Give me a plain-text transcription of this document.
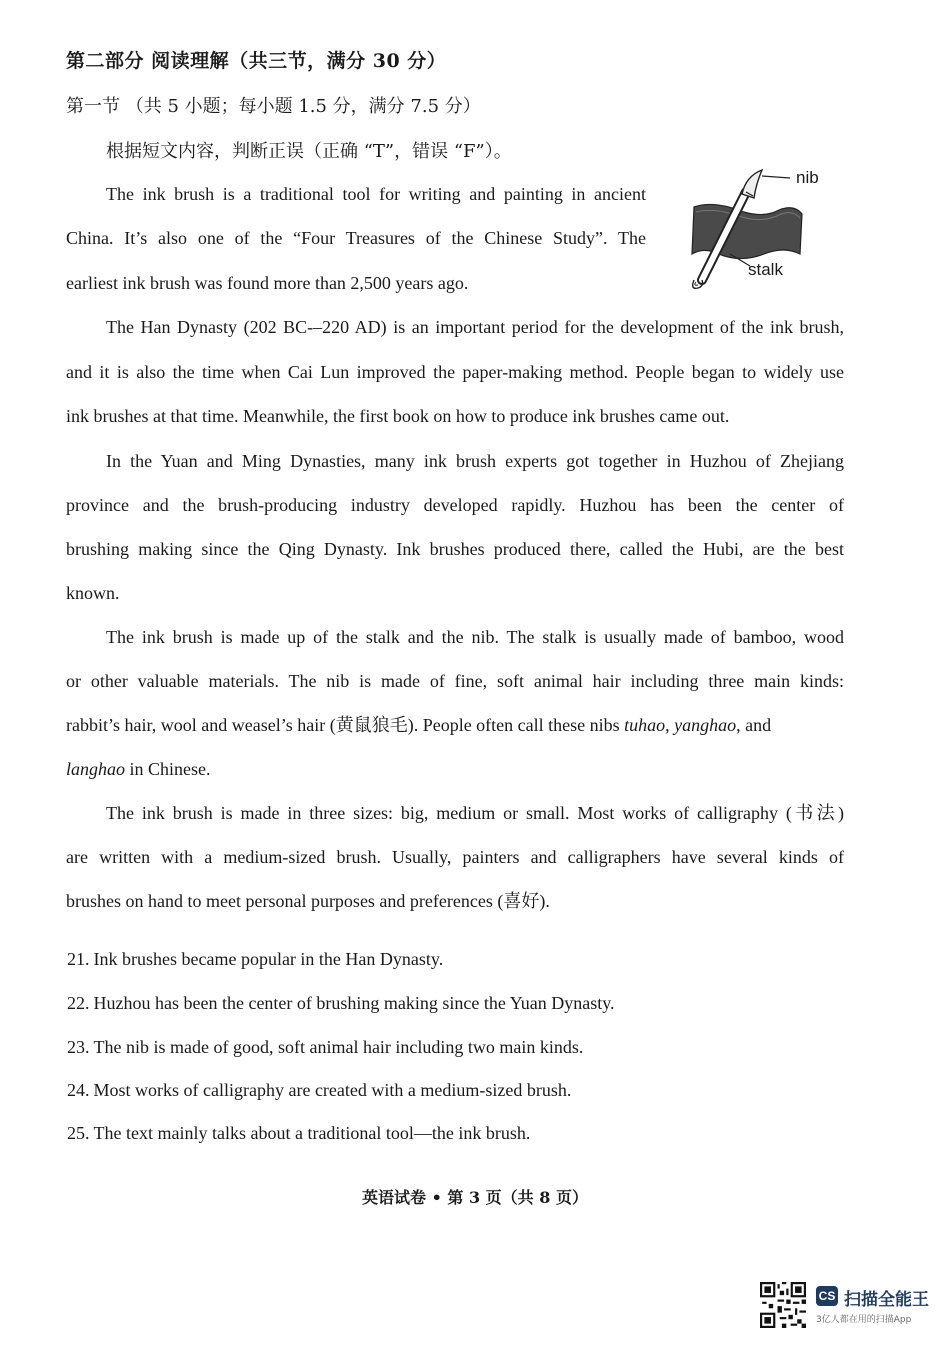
第二部分 阅读理解（共三节，满分 30 分）
第一节 （共 5 小题；每小题 1.5 分，满分 7.5 分）
根据短文内容，判断正误（正确 “T”，错误 “F”）。
nib
stalk
The ink brush is a traditional tool for writing and painting in ancient
China. It’s also one of the “Four Treasures of the Chinese Study”. The
earliest ink brush was found more than 2,500 years ago.
The Han Dynasty (202 BC-–220 AD) is an important period for the development of the ink brush,
and it is also the time when Cai Lun improved the paper-making method. People began to widely use
ink brushes at that time. Meanwhile, the first book on how to produce ink brushes came out.
In the Yuan and Ming Dynasties, many ink brush experts got together in Huzhou of Zhejiang
province and the brush-producing industry developed rapidly. Huzhou has been the center of
brushing making since the Qing Dynasty. Ink brushes produced there, called the Hubi, are the best
known.
The ink brush is made up of the stalk and the nib. The stalk is usually made of bamboo, wood
or other valuable materials. The nib is made of fine, soft animal hair including three main kinds:
rabbit’s hair, wool and weasel’s hair (黄鼠狼毛). People often call these nibs tuhao, yanghao, and
langhao in Chinese.
The ink brush is made in three sizes: big, medium or small. Most works of calligraphy (书法)
are written with a medium-sized brush. Usually, painters and calligraphers have several kinds of
brushes on hand to meet personal purposes and preferences (喜好).
21. Ink brushes became popular in the Han Dynasty.
22. Huzhou has been the center of brushing making since the Yuan Dynasty.
23. The nib is made of good, soft animal hair including two main kinds.
24. Most works of calligraphy are created with a medium-sized brush.
25. The text mainly talks about a traditional tool—the ink brush.
英语试卷 • 第 3 页（共 8 页）
CS 扫描全能王
3亿人都在用的扫描App
